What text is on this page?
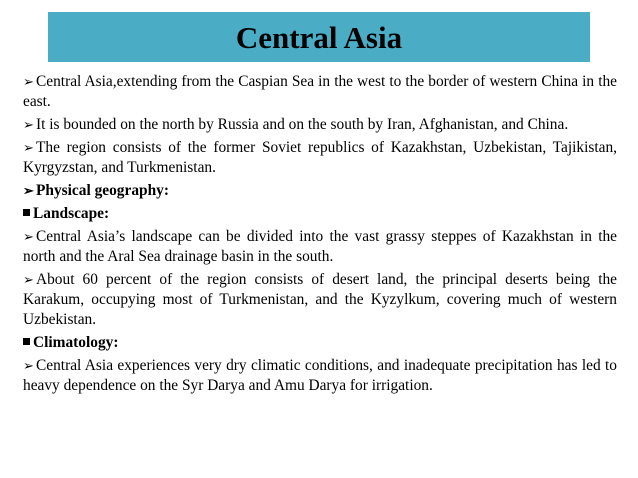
Central Asia

➢ Central Asia,extending from the Caspian Sea in the west to the border of western China in the east.

➢ It is bounded on the north by Russia and on the south by Iran, Afghanistan, and China.

➢ The region consists of the former Soviet republics of Kazakhstan, Uzbekistan, Tajikistan, Kyrgyzstan, and Turkmenistan.

➢ Physical geography:

Landscape:

➢ Central Asia’s landscape can be divided into the vast grassy steppes of Kazakhstan in the north and the Aral Sea drainage basin in the south.

➢ About 60 percent of the region consists of desert land, the principal deserts being the Karakum, occupying most of Turkmenistan, and the Kyzylkum, covering much of western Uzbekistan.

Climatology:

➢ Central Asia experiences very dry climatic conditions, and inadequate precipitation has led to heavy dependence on the Syr Darya and Amu Darya for irrigation.
